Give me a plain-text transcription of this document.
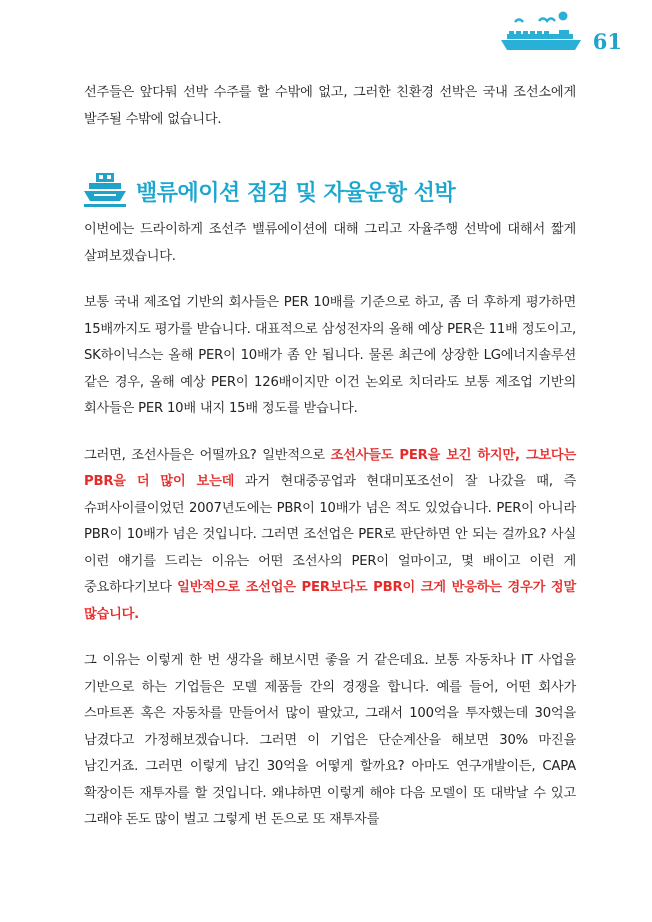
61

선주들은 앞다퉈 선박 수주를 할 수밖에 없고, 그러한 친환경 선박은 국내 조선소에게 발주될 수밖에 없습니다.

밸류에이션 점검 및 자율운항 선박

이번에는 드라이하게 조선주 밸류에이션에 대해 그리고 자율주행 선박에 대해서 짧게 살펴보겠습니다.

보통 국내 제조업 기반의 회사들은 PER 10배를 기준으로 하고, 좀 더 후하게 평가하면 15배까지도 평가를 받습니다. 대표적으로 삼성전자의 올해 예상 PER은 11배 정도이고, SK하이닉스는 올해 PER이 10배가 좀 안 됩니다. 물론 최근에 상장한 LG에너지솔루션 같은 경우, 올해 예상 PER이 126배이지만 이건 논외로 치더라도 보통 제조업 기반의 회사들은 PER 10배 내지 15배 정도를 받습니다.

그러면, 조선사들은 어떨까요? 일반적으로 조선사들도 PER을 보긴 하지만, 그보다는 PBR을 더 많이 보는데 과거 현대중공업과 현대미포조선이 잘 나갔을 때, 즉 슈퍼사이클이었던 2007년도에는 PBR이 10배가 넘은 적도 있었습니다. PER이 아니라 PBR이 10배가 넘은 것입니다. 그러면 조선업은 PER로 판단하면 안 되는 걸까요? 사실 이런 얘기를 드리는 이유는 어떤 조선사의 PER이 얼마이고, 몇 배이고 이런 게 중요하다기보다 일반적으로 조선업은 PER보다도 PBR이 크게 반응하는 경우가 정말 많습니다.

그 이유는 이렇게 한 번 생각을 해보시면 좋을 거 같은데요. 보통 자동차나 IT 사업을 기반으로 하는 기업들은 모델 제품들 간의 경쟁을 합니다. 예를 들어, 어떤 회사가 스마트폰 혹은 자동차를 만들어서 많이 팔았고, 그래서 100억을 투자했는데 30억을 남겼다고 가정해보겠습니다. 그러면 이 기업은 단순계산을 해보면 30% 마진을 남긴거죠. 그러면 이렇게 남긴 30억을 어떻게 할까요? 아마도 연구개발이든, CAPA 확장이든 재투자를 할 것입니다. 왜냐하면 이렇게 해야 다음 모델이 또 대박날 수 있고 그래야 돈도 많이 벌고 그렇게 번 돈으로 또 재투자를
